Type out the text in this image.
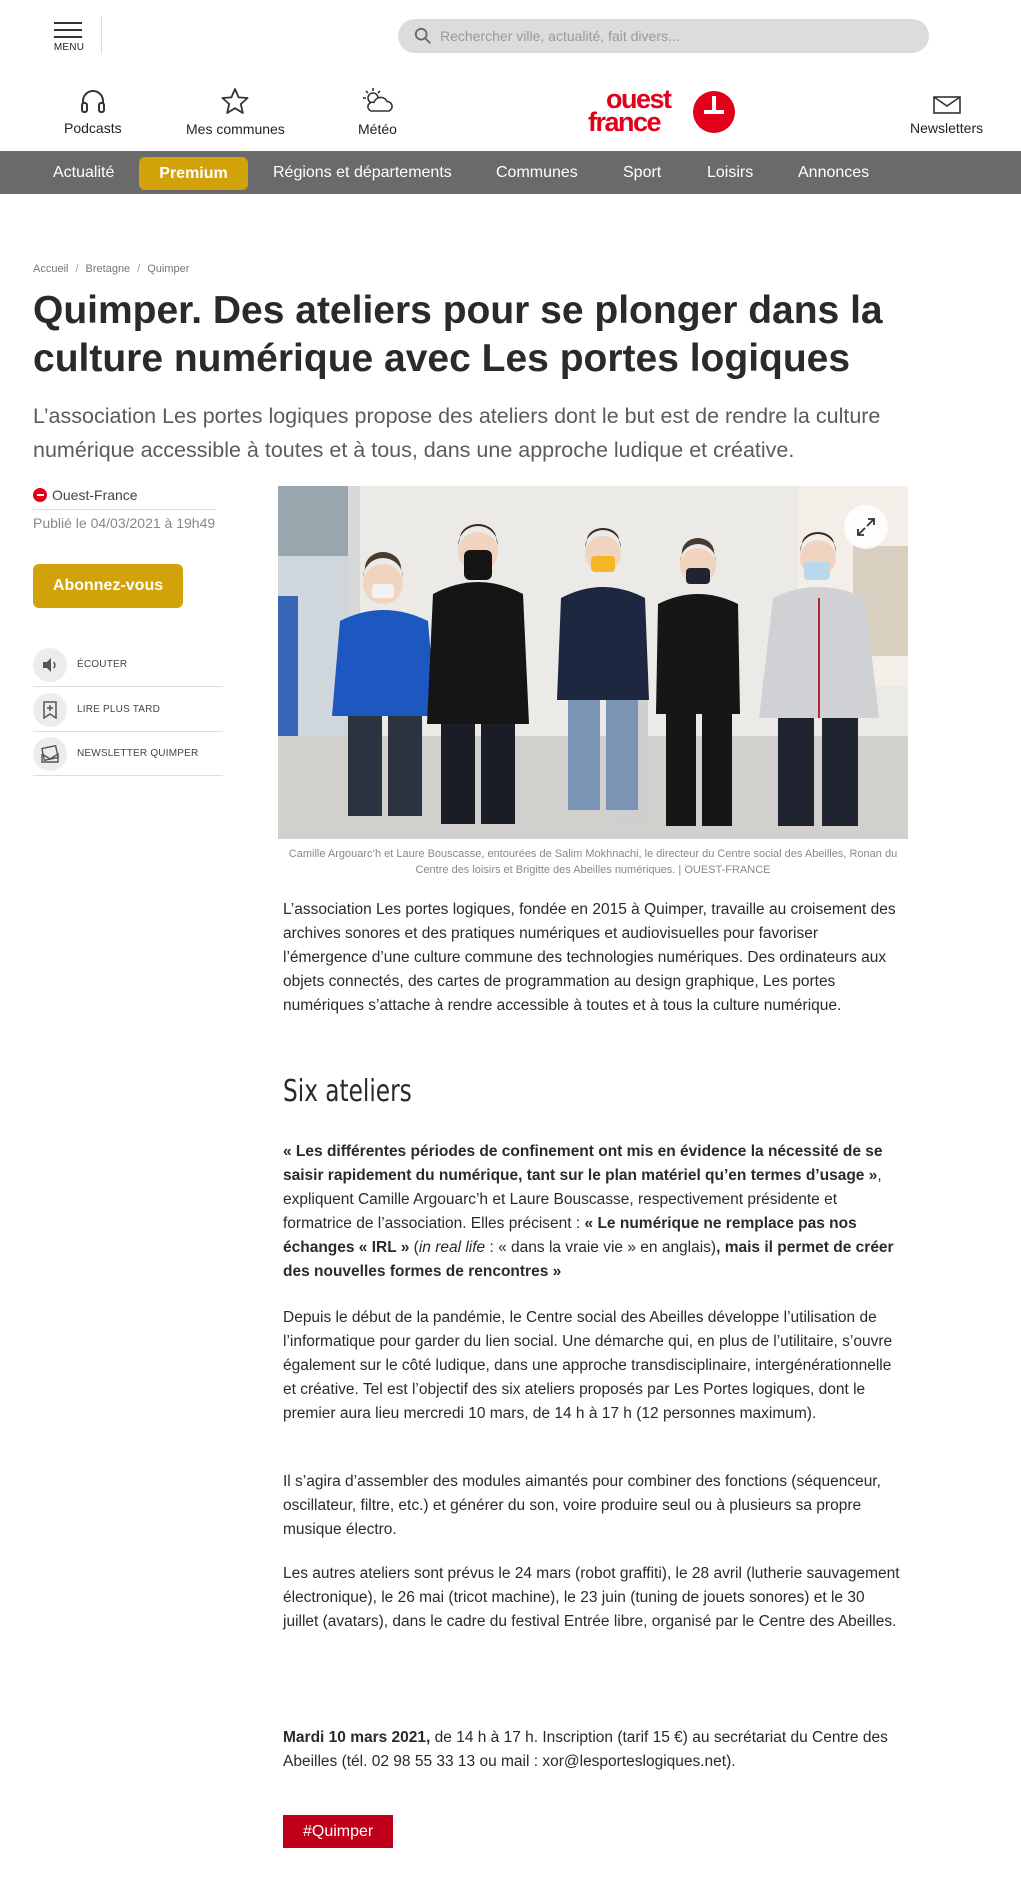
MENU
Rechercher ville, actualité, fait divers...
Podcasts	Mes communes	Météo
ouest
france	Newsletters
Actualité	Premium	Régions et départements	Communes	Sport	Loisirs	Annonces
Accueil / Bretagne / Quimper
Quimper. Des ateliers pour se plonger dans la culture numérique avec Les portes logiques

L’association Les portes logiques propose des ateliers dont le but est de rendre la culture numérique accessible à toutes et à tous, dans une approche ludique et créative.

Ouest-France
Publié le 04/03/2021 à 19h49
Abonnez-vous
ÉCOUTER
LIRE PLUS TARD
NEWSLETTER QUIMPER
Camille Argouarc’h et Laure Bouscasse, entourées de Salim Mokhnachi, le directeur du Centre social des Abeilles, Ronan du Centre des loisirs et Brigitte des Abeilles numériques. | OUEST-FRANCE

L’association Les portes logiques, fondée en 2015 à Quimper, travaille au croisement des archives sonores et des pratiques numériques et audiovisuelles pour favoriser l’émergence d’une culture commune des technologies numériques. Des ordinateurs aux objets connectés, des cartes de programmation au design graphique, Les portes numériques s’attache à rendre accessible à toutes et à tous la culture numérique.

Six ateliers

« Les différentes périodes de confinement ont mis en évidence la nécessité de se saisir rapidement du numérique, tant sur le plan matériel qu’en termes d’usage », expliquent Camille Argouarc’h et Laure Bouscasse, respectivement présidente et formatrice de l’association. Elles précisent : « Le numérique ne remplace pas nos échanges « IRL » (in real life : « dans la vraie vie » en anglais), mais il permet de créer des nouvelles formes de rencontres »

Depuis le début de la pandémie, le Centre social des Abeilles développe l’utilisation de l’informatique pour garder du lien social. Une démarche qui, en plus de l’utilitaire, s’ouvre également sur le côté ludique, dans une approche transdisciplinaire, intergénérationnelle et créative. Tel est l’objectif des six ateliers proposés par Les Portes logiques, dont le premier aura lieu mercredi 10 mars, de 14 h à 17 h (12 personnes maximum).

Il s’agira d’assembler des modules aimantés pour combiner des fonctions (séquenceur, oscillateur, filtre, etc.) et générer du son, voire produire seul ou à plusieurs sa propre musique électro.

Les autres ateliers sont prévus le 24 mars (robot graffiti), le 28 avril (lutherie sauvagement électronique), le 26 mai (tricot machine), le 23 juin (tuning de jouets sonores) et le 30 juillet (avatars), dans le cadre du festival Entrée libre, organisé par le Centre des Abeilles.

Mardi 10 mars 2021, de 14 h à 17 h. Inscription (tarif 15 €) au secrétariat du Centre des Abeilles (tél. 02 98 55 33 13 ou mail : xor@lesporteslogiques.net).

#Quimper
